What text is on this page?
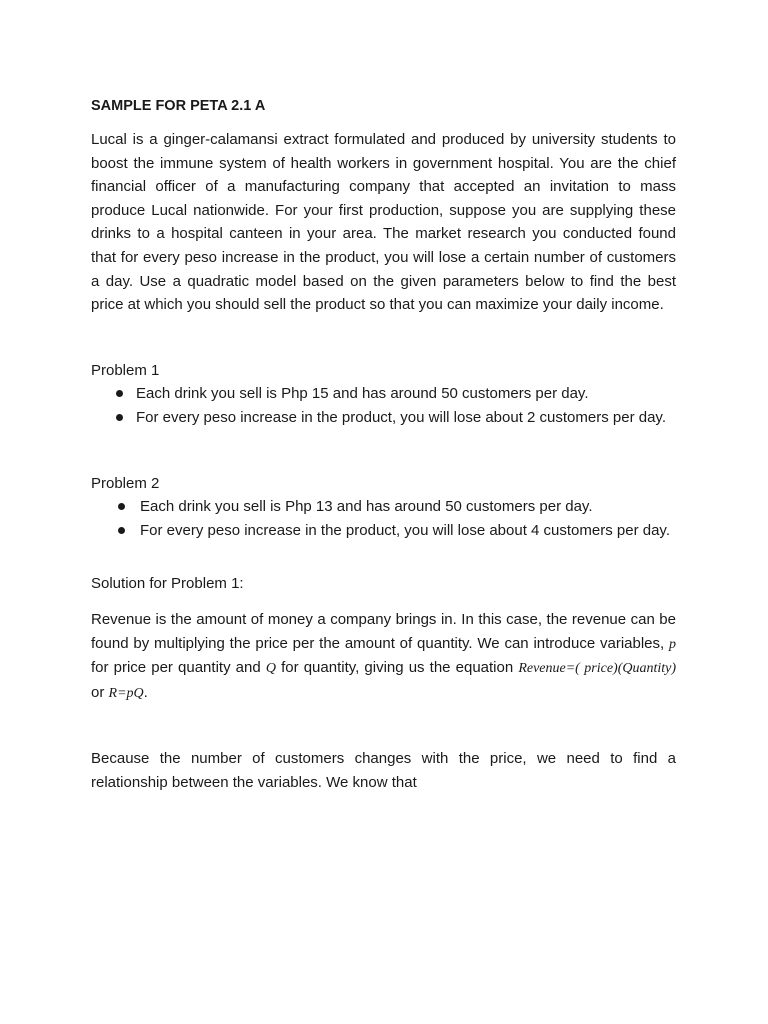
SAMPLE FOR PETA 2.1 A

Lucal is a ginger-calamansi extract formulated and produced by university students to boost the immune system of health workers in government hospital. You are the chief financial officer of a manufacturing company that accepted an invitation to mass produce Lucal nationwide. For your first production, suppose you are supplying these drinks to a hospital canteen in your area. The market research you conducted found that for every peso increase in the product, you will lose a certain number of customers a day. Use a quadratic model based on the given parameters below to find the best price at which you should sell the product so that you can maximize your daily income.

Problem 1

Each drink you sell is Php 15 and has around 50 customers per day.
For every peso increase in the product, you will lose about 2 customers per day.

Problem 2

Each drink you sell is Php 13 and has around 50 customers per day.
For every peso increase in the product, you will lose about 4 customers per day.

Solution for Problem 1:

Revenue is the amount of money a company brings in. In this case, the revenue can be found by multiplying the price per the amount of quantity. We can introduce variables, p for price per quantity and Q for quantity, giving us the equation Revenue=( price)(Quantity) or R=pQ.

Because the number of customers changes with the price, we need to find a relationship between the variables. We know that
